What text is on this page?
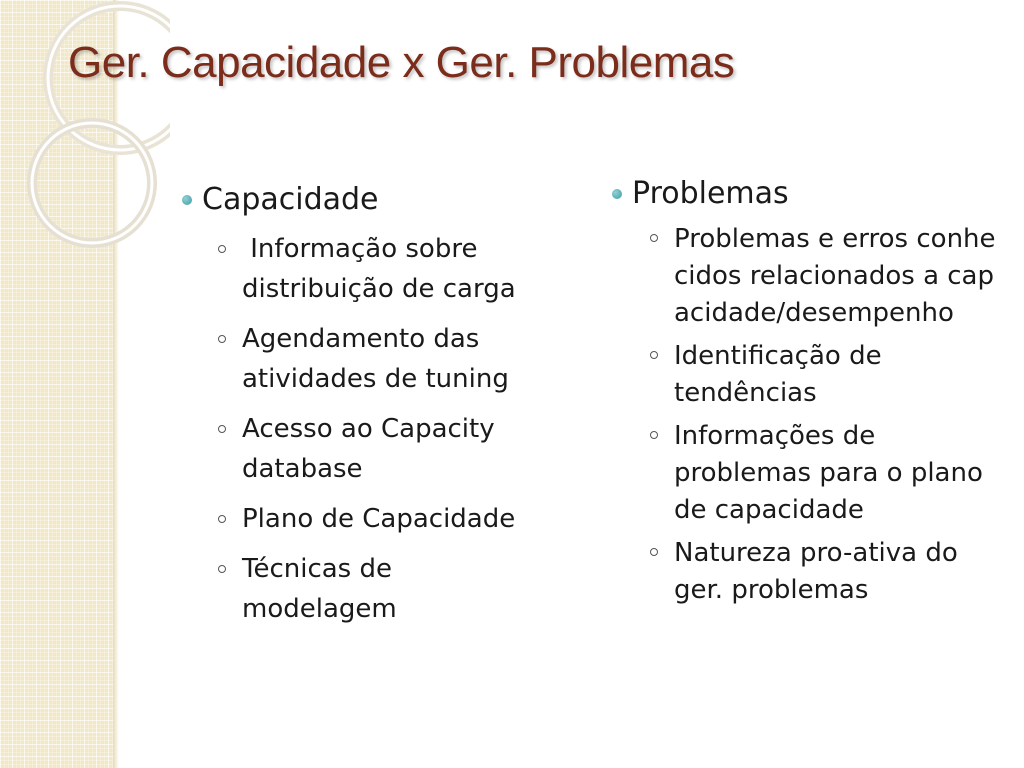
Ger. Capacidade x Ger. Problemas
Capacidade
Informação sobre distribuição de carga
Agendamento das atividades de tuning
Acesso ao Capacity database
Plano de Capacidade
Técnicas de modelagem
Problemas
Problemas e erros conhecidos relacionados a capacidade/desempenho
Identificação de tendências
Informações de problemas para o plano de capacidade
Natureza pro-ativa do ger. problemas
